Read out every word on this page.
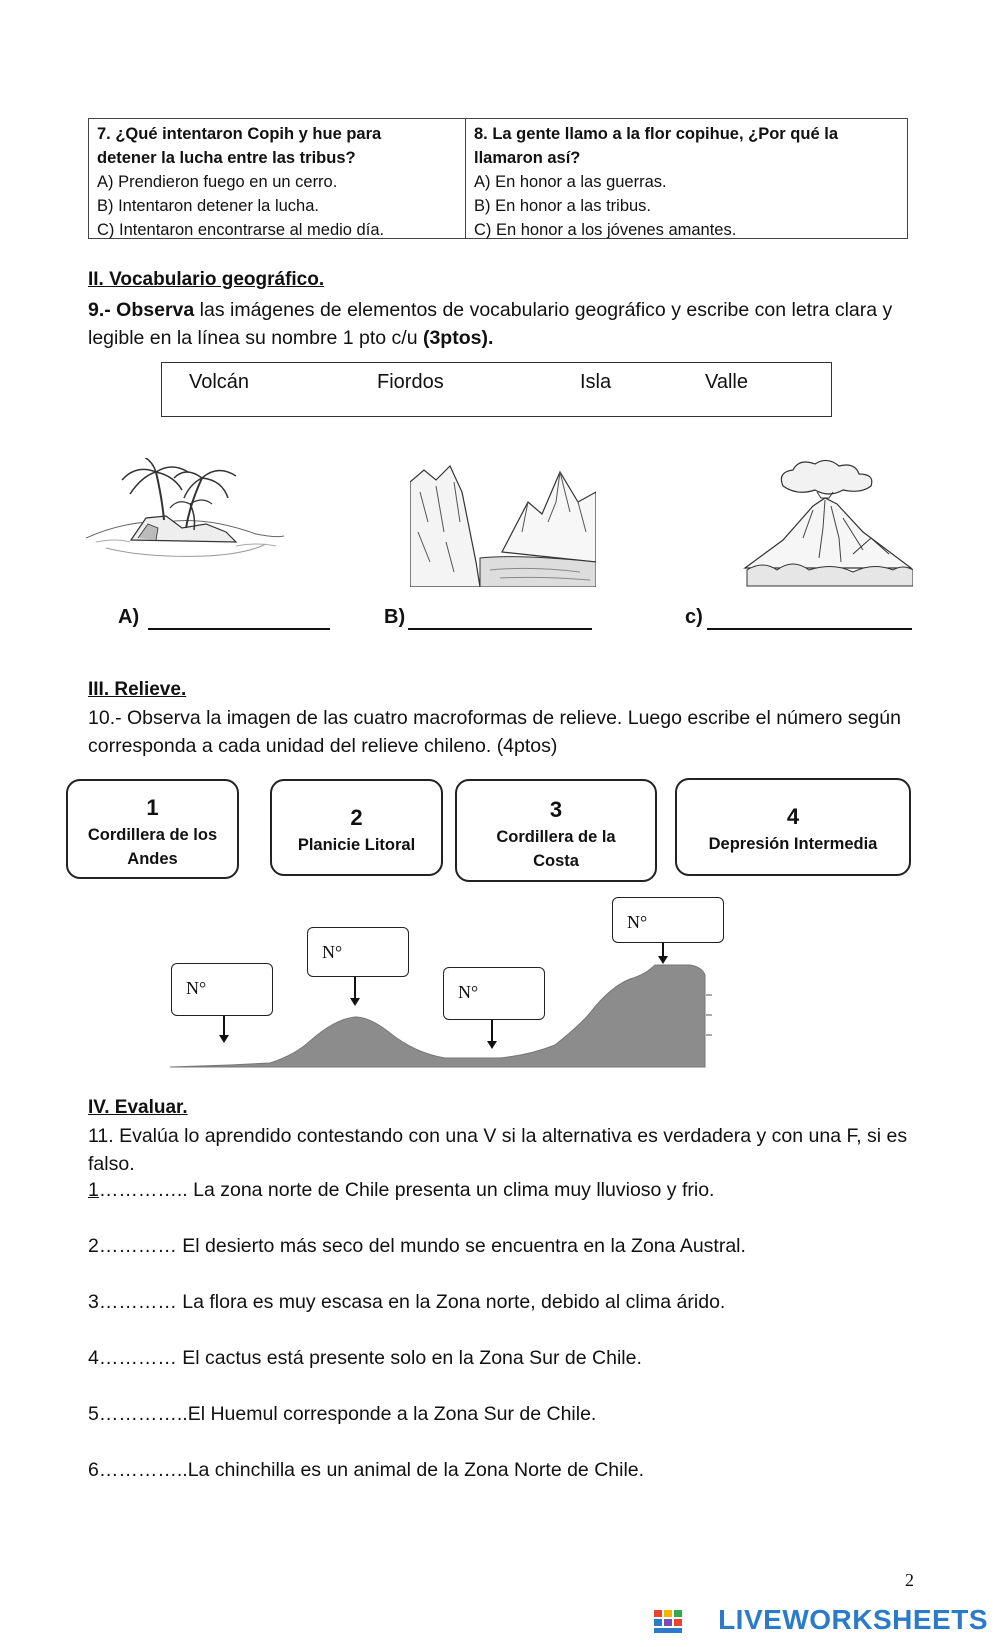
7. ¿Qué intentaron Copih y hue para
detener la lucha entre las tribus?
A) Prendieron fuego en un cerro.
B) Intentaron detener la lucha.
C) Intentaron encontrarse al medio día.
8. La gente llamo a la flor copihue, ¿Por qué la
llamaron así?
A) En honor a las guerras.
B) En honor a las tribus.
C) En honor a los jóvenes amantes.
II. Vocabulario geográfico.
9.- Observa las imágenes de elementos de vocabulario geográfico y escribe con letra clara y legible en la línea su nombre 1 pto c/u (3ptos).
Volcán	Fiordos	Isla	Valle
A)	B)	c)
III. Relieve.
10.- Observa la imagen de las cuatro macroformas de relieve. Luego escribe el número según corresponda a cada unidad del relieve chileno. (4ptos)
1
Cordillera de los
Andes
2
Planicie Litoral
3
Cordillera de la
Costa
4
Depresión Intermedia
N°
N°
N°
N°
IV. Evaluar.
11. Evalúa lo aprendido contestando con una V si la alternativa es verdadera y con una F, si es falso.
1………….. La zona norte de Chile presenta un clima muy lluvioso y frio.
2………… El desierto más seco del mundo se encuentra en la Zona Austral.
3………… La flora es muy escasa en la Zona norte, debido al clima árido.
4………… El cactus está presente solo en la Zona Sur de Chile.
5…………..El Huemul corresponde a la Zona Sur de Chile.
6…………..La chinchilla es un animal de la Zona Norte de Chile.
2
LIVEWORKSHEETS
